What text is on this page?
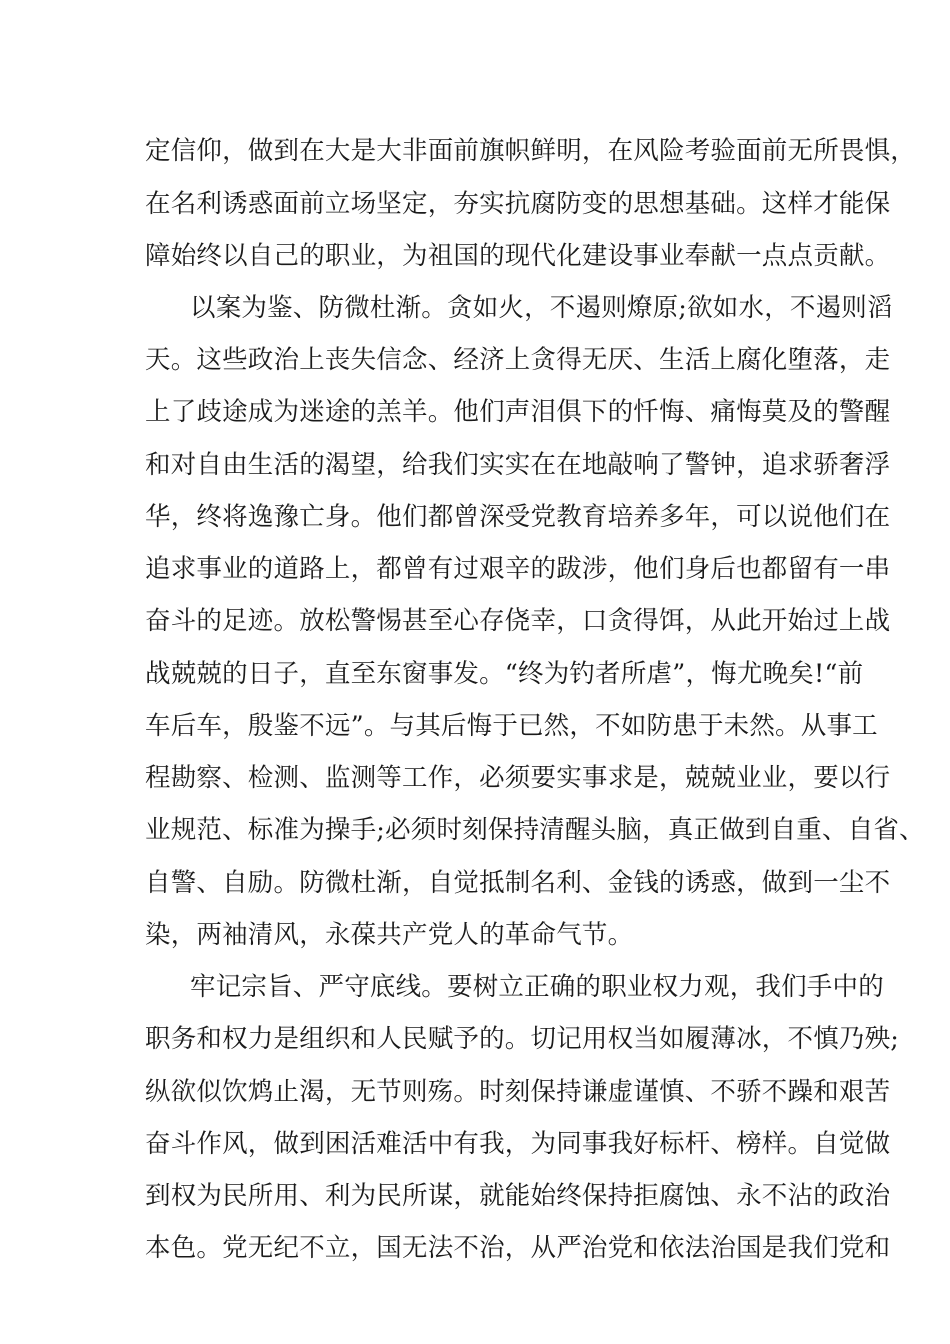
定信仰，做到在大是大非面前旗帜鲜明，在风险考验面前无所畏惧，
在名利诱惑面前立场坚定，夯实抗腐防变的思想基础。这样才能保
障始终以自己的职业，为祖国的现代化建设事业奉献一点点贡献。
以案为鉴、防微杜渐。贪如火，不遏则燎原;欲如水，不遏则滔
天。这些政治上丧失信念、经济上贪得无厌、生活上腐化堕落，走
上了歧途成为迷途的羔羊。他们声泪俱下的忏悔、痛悔莫及的警醒
和对自由生活的渴望，给我们实实在在地敲响了警钟，追求骄奢浮
华，终将逸豫亡身。他们都曾深受党教育培养多年，可以说他们在
追求事业的道路上，都曾有过艰辛的跋涉，他们身后也都留有一串
奋斗的足迹。放松警惕甚至心存侥幸，口贪得饵，从此开始过上战
战兢兢的日子，直至东窗事发。“终为钓者所虐”，悔尤晚矣!“前
车后车，殷鉴不远”。与其后悔于已然，不如防患于未然。从事工
程勘察、检测、监测等工作，必须要实事求是，兢兢业业，要以行
业规范、标准为操手;必须时刻保持清醒头脑，真正做到自重、自省、
自警、自励。防微杜渐，自觉抵制名利、金钱的诱惑，做到一尘不
染，两袖清风，永葆共产党人的革命气节。
牢记宗旨、严守底线。要树立正确的职业权力观，我们手中的
职务和权力是组织和人民赋予的。切记用权当如履薄冰，不慎乃殃;
纵欲似饮鸩止渴，无节则殇。时刻保持谦虚谨慎、不骄不躁和艰苦
奋斗作风，做到困活难活中有我，为同事我好标杆、榜样。自觉做
到权为民所用、利为民所谋，就能始终保持拒腐蚀、永不沾的政治
本色。党无纪不立，国无法不治，从严治党和依法治国是我们党和
